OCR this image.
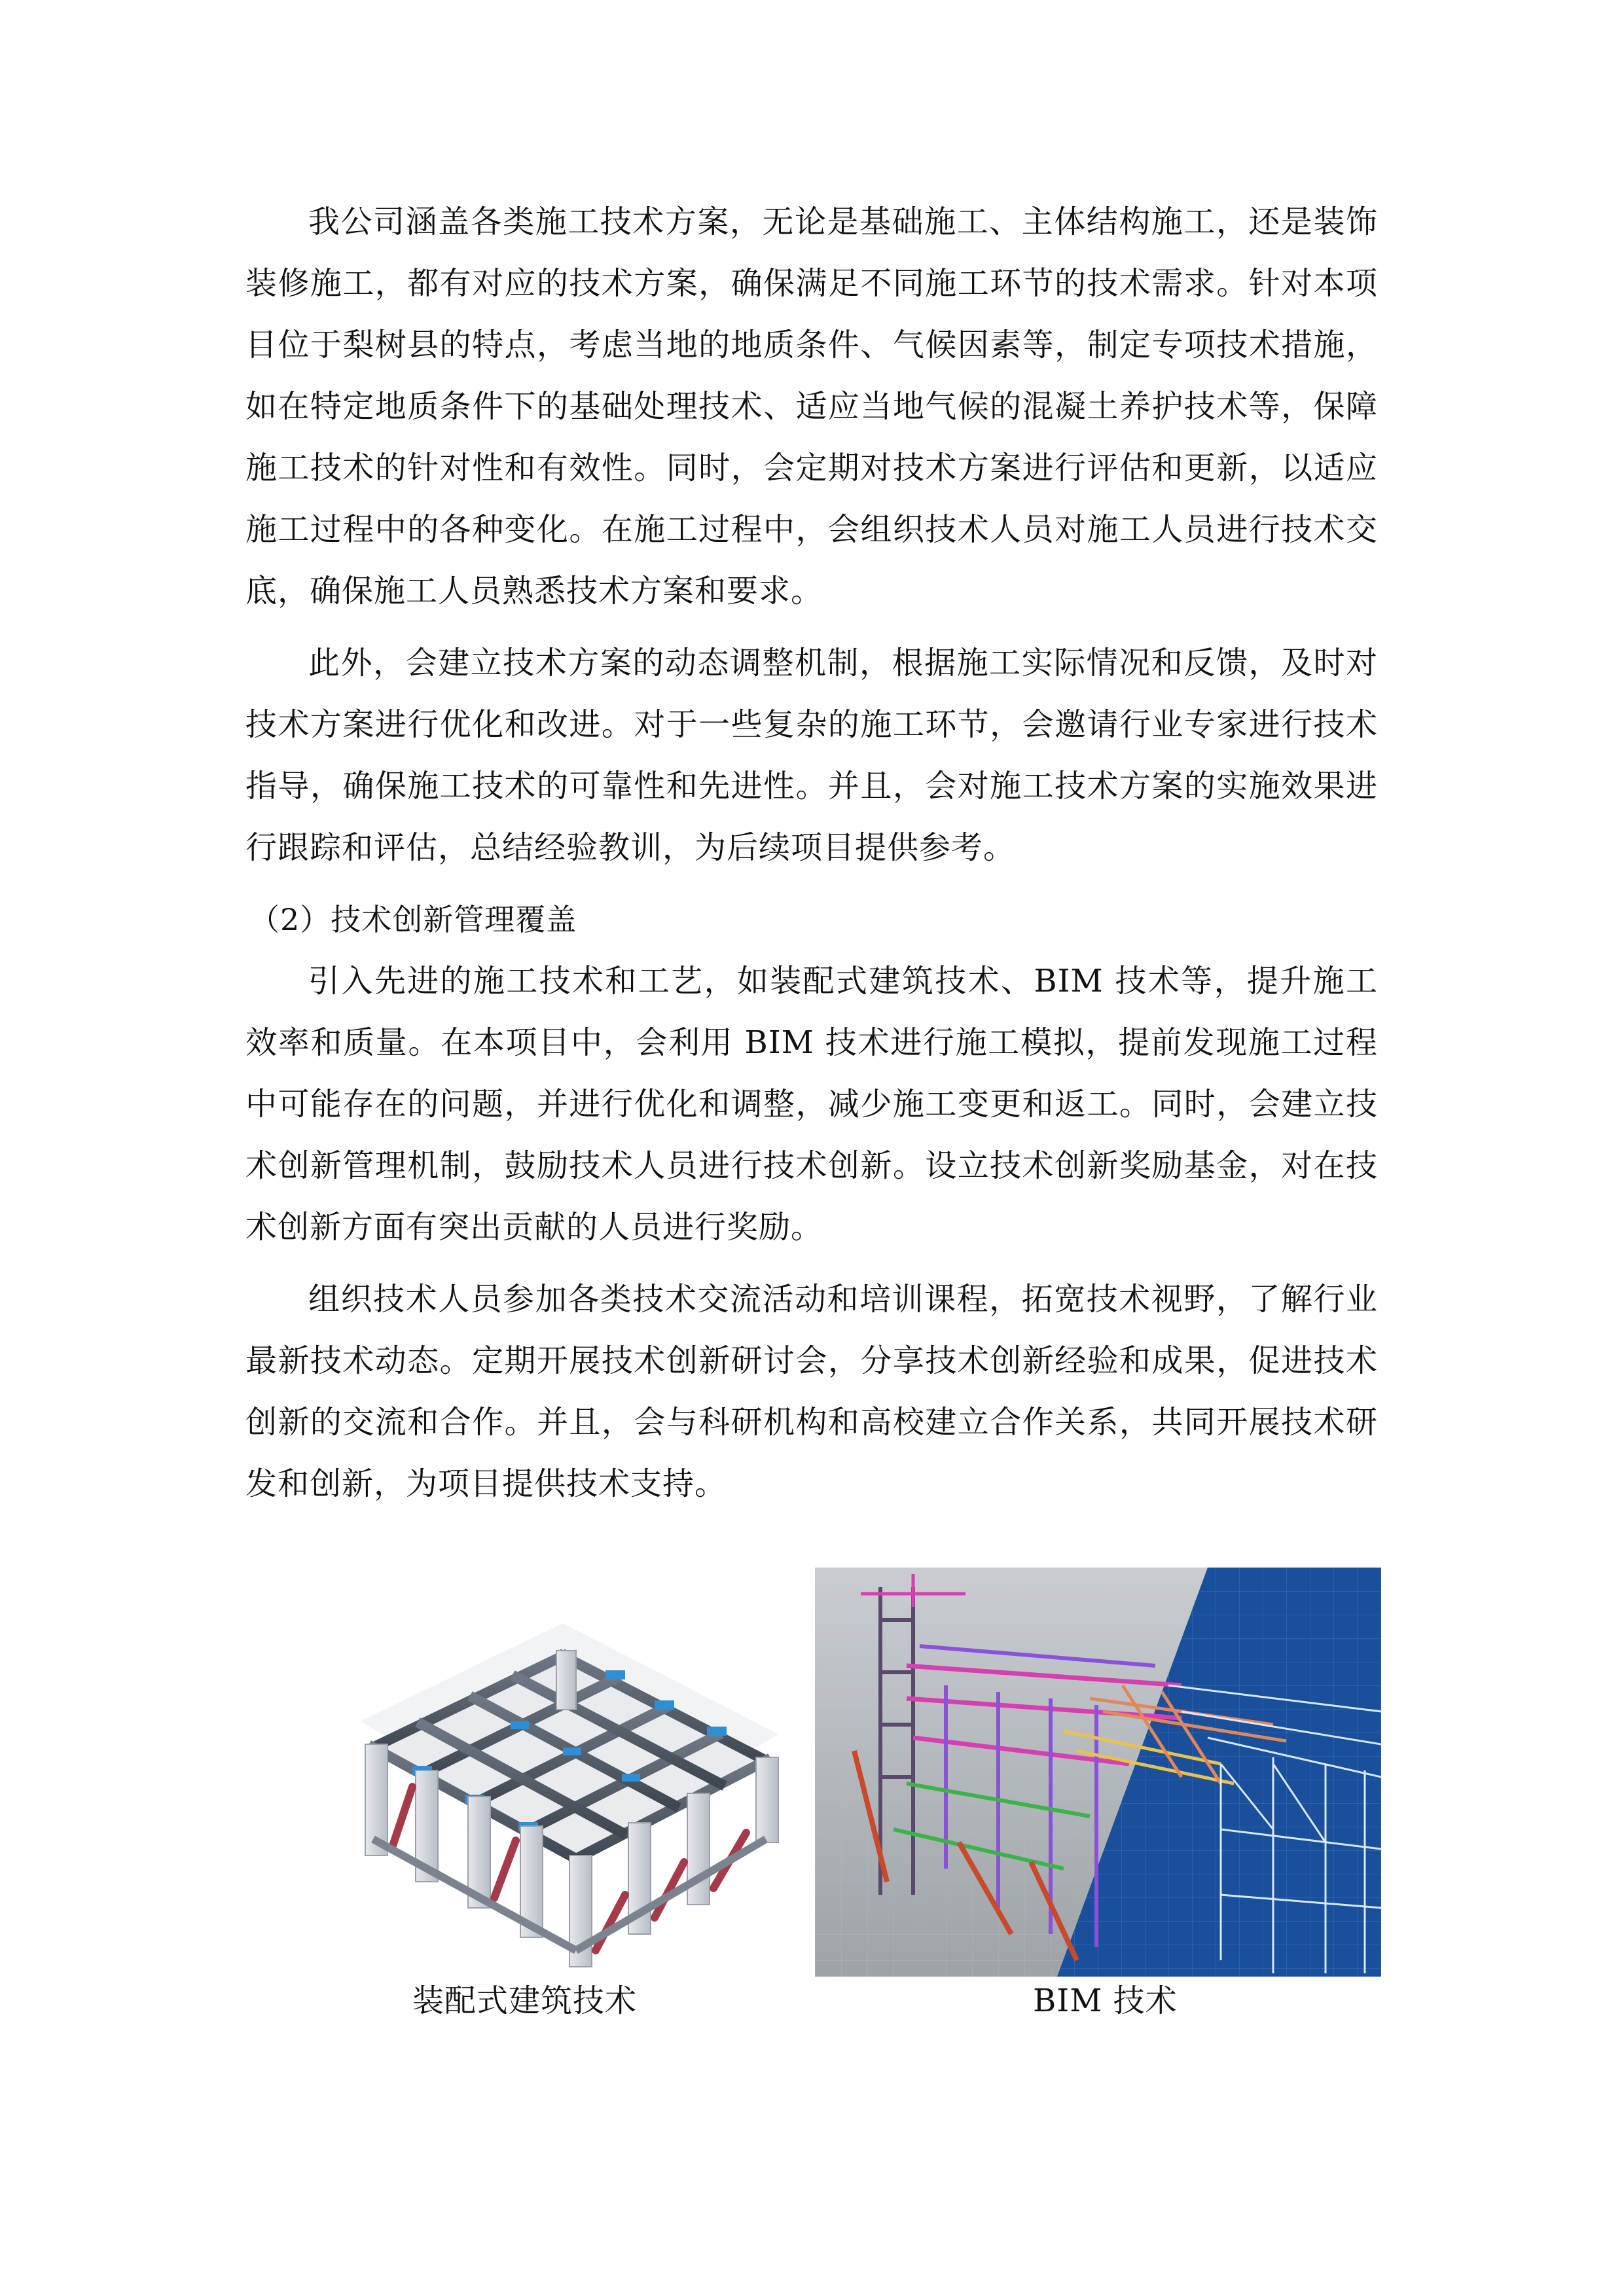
我公司涵盖各类施工技术方案，无论是基础施工、主体结构施工，还是装饰装修施工，都有对应的技术方案，确保满足不同施工环节的技术需求。针对本项目位于梨树县的特点，考虑当地的地质条件、气候因素等，制定专项技术措施，如在特定地质条件下的基础处理技术、适应当地气候的混凝土养护技术等，保障施工技术的针对性和有效性。同时，会定期对技术方案进行评估和更新，以适应施工过程中的各种变化。在施工过程中，会组织技术人员对施工人员进行技术交底，确保施工人员熟悉技术方案和要求。

此外，会建立技术方案的动态调整机制，根据施工实际情况和反馈，及时对技术方案进行优化和改进。对于一些复杂的施工环节，会邀请行业专家进行技术指导，确保施工技术的可靠性和先进性。并且，会对施工技术方案的实施效果进行跟踪和评估，总结经验教训，为后续项目提供参考。

（2）技术创新管理覆盖

引入先进的施工技术和工艺，如装配式建筑技术、BIM 技术等，提升施工效率和质量。在本项目中，会利用 BIM 技术进行施工模拟，提前发现施工过程中可能存在的问题，并进行优化和调整，减少施工变更和返工。同时，会建立技术创新管理机制，鼓励技术人员进行技术创新。设立技术创新奖励基金，对在技术创新方面有突出贡献的人员进行奖励。

组织技术人员参加各类技术交流活动和培训课程，拓宽技术视野，了解行业最新技术动态。定期开展技术创新研讨会，分享技术创新经验和成果，促进技术创新的交流和合作。并且，会与科研机构和高校建立合作关系，共同开展技术研发和创新，为项目提供技术支持。

装配式建筑技术	BIM 技术
